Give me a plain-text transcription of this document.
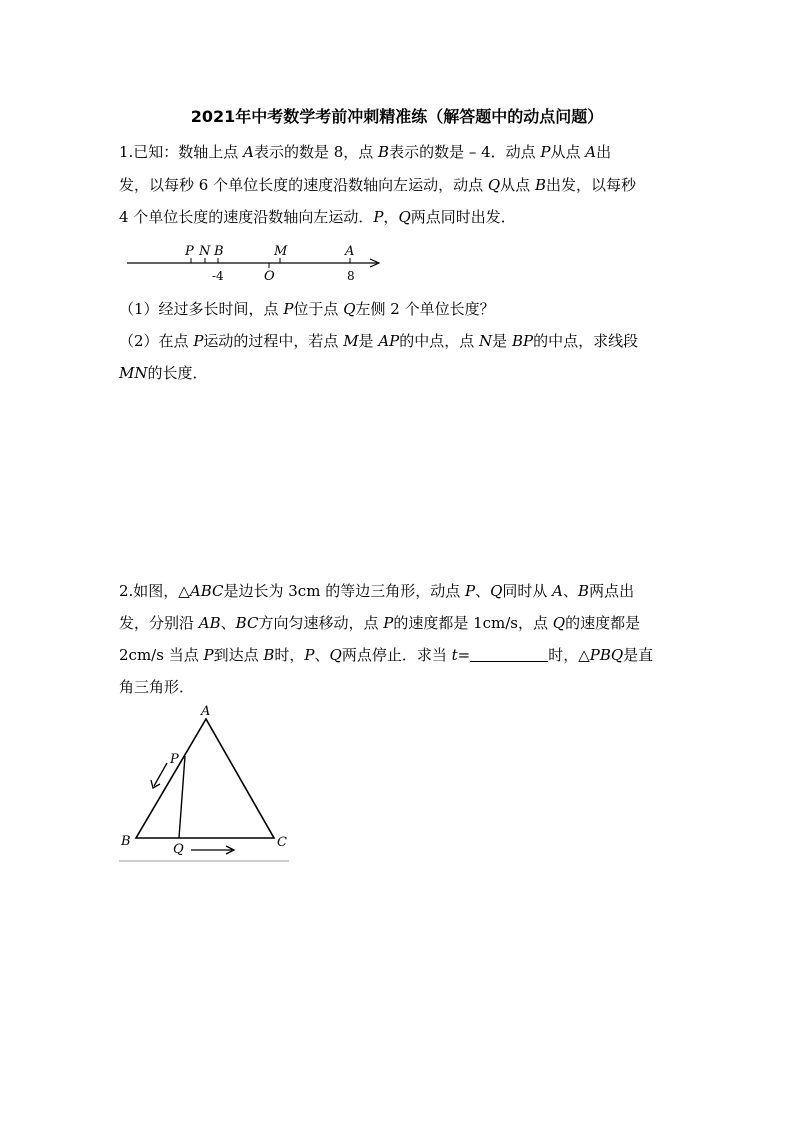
2021年中考数学考前冲刺精准练（解答题中的动点问题）
1.已知：数轴上点 A表示的数是 8，点 B表示的数是 – 4．动点 P从点 A出
发，以每秒 6 个单位长度的速度沿数轴向左运动，动点 Q从点 B出发，以每秒
4 个单位长度的速度沿数轴向左运动．P，Q两点同时出发．
P N B	M	A
-4	O	8
（1）经过多长时间，点 P位于点 Q左侧 2 个单位长度？
（2）在点 P运动的过程中，若点 M是 AP的中点，点 N是 BP的中点，求线段
MN的长度．
2.如图，△ABC是边长为 3cm 的等边三角形，动点 P、Q同时从 A、B两点出
发，分别沿 AB、BC方向匀速移动，点 P的速度都是 1cm/s，点 Q的速度都是
2cm/s 当点 P到达点 B时，P、Q两点停止．求当 t=	时，△PBQ是直
角三角形．
A
B	C
P
Q
